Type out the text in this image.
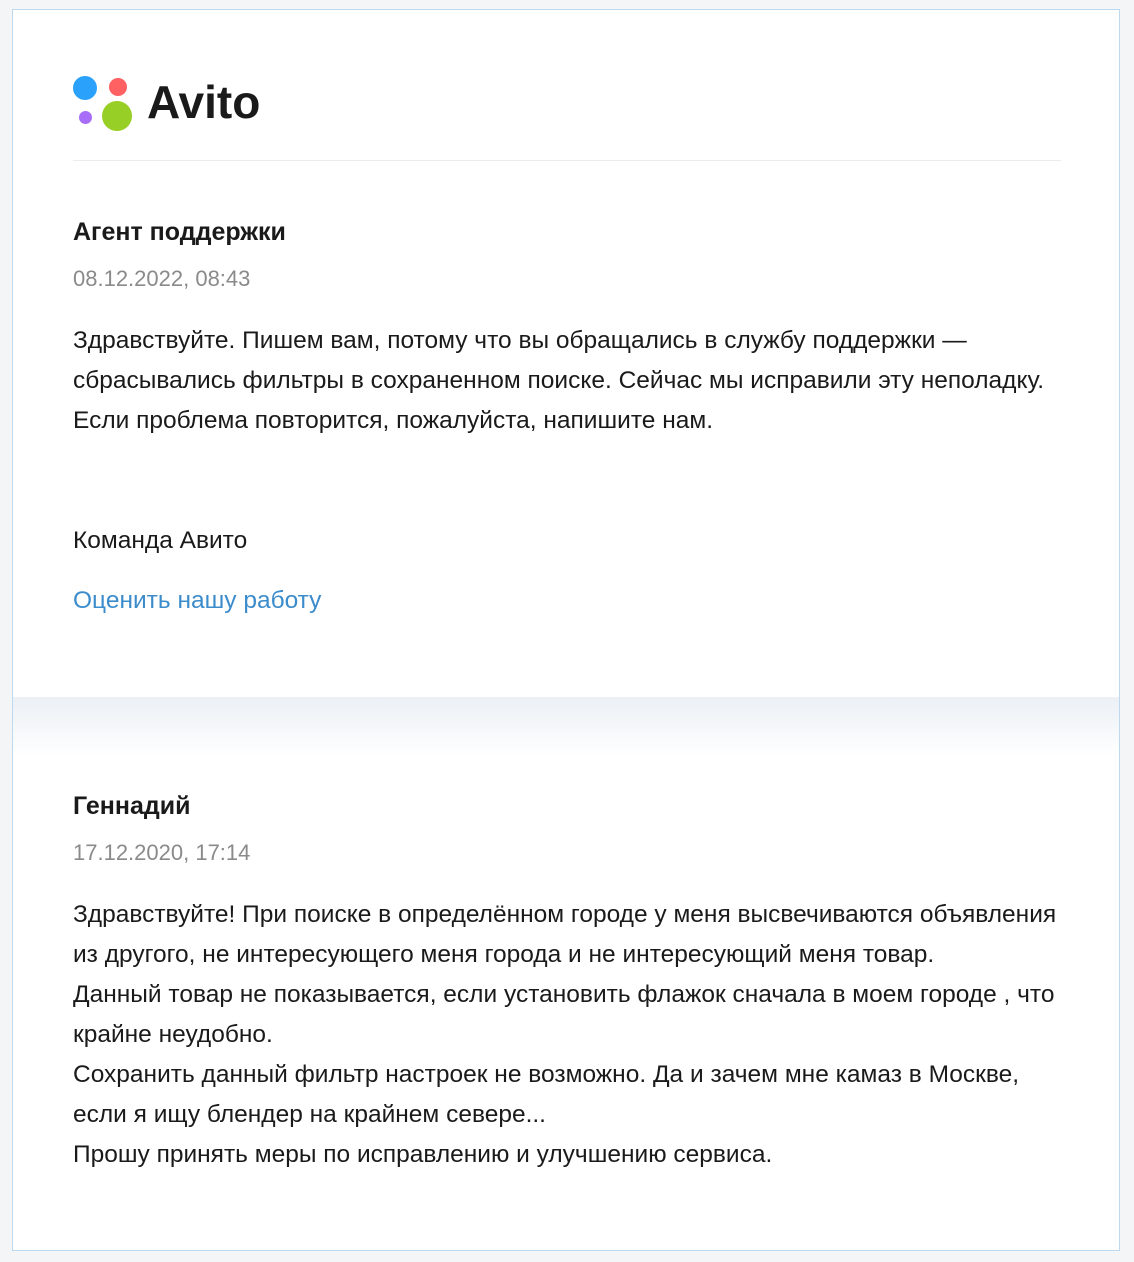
Avito
Агент поддержки
08.12.2022, 08:43
Здравствуйте. Пишем вам, потому что вы обращались в службу поддержки — сбрасывались фильтры в сохраненном поиске. Сейчас мы исправили эту неполадку. Если проблема повторится, пожалуйста, напишите нам.
Команда Авито
Оценить нашу работу
Геннадий
17.12.2020, 17:14
Здравствуйте! При поиске в определённом городе у меня высвечиваются объявления из другого, не интересующего меня города и не интересующий меня товар.
Данный товар не показывается, если установить флажок сначала в моем городе , что крайне неудобно.
Сохранить данный фильтр настроек не возможно. Да и зачем мне камаз в Москве, если я ищу блендер на крайнем севере...
Прошу принять меры по исправлению и улучшению сервиса.
